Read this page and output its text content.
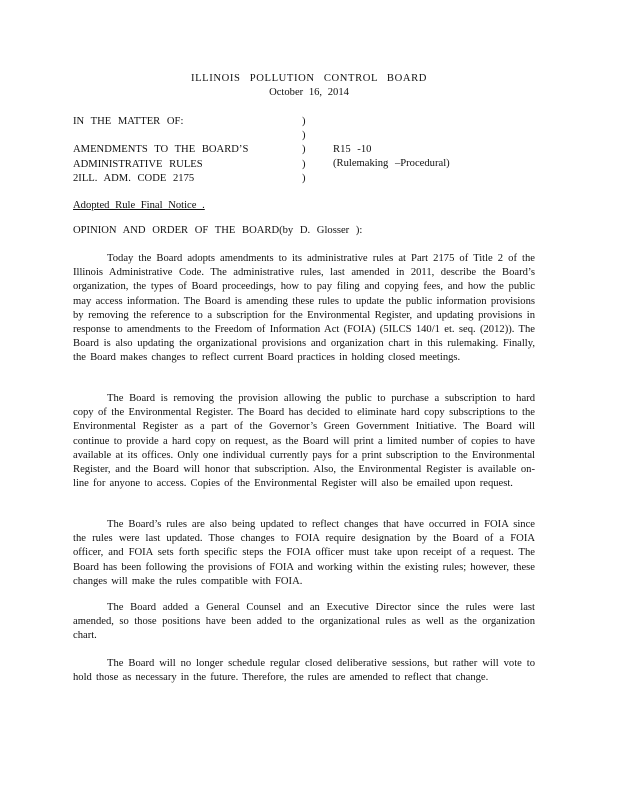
ILLINOIS POLLUTION CONTROL BOARD
October 16, 2014
IN THE MATTER OF:
AMENDMENTS TO THE BOARD’S
ADMINISTRATIVE RULES
2ILL. ADM. CODE 2175
)
)
)
)
)
R15 -10
(Rulemaking –Procedural)
Adopted Rule Final Notice .
OPINION AND ORDER OF THE BOARD(by D. Glosser ):

Today the Board adopts amendments to its administrative rules at Part 2175 of Title 2 of the Illinois Administrative Code. The administrative rules, last amended in 2011, describe the Board’s organization, the types of Board proceedings, how to pay filing and copying fees, and how the public may access information. The Board is amending these rules to update the public information provisions by removing the reference to a subscription for the Environmental Register, and updating provisions in response to amendments to the Freedom of Information Act (FOIA) (5ILCS 140/1 et. seq. (2012)). The Board is also updating the organizational provisions and organization chart in this rulemaking. Finally, the Board makes changes to reflect current Board practices in holding closed meetings.

The Board is removing the provision allowing the public to purchase a subscription to hard copy of the Environmental Register. The Board has decided to eliminate hard copy subscriptions to the Environmental Register as a part of the Governor’s Green Government Initiative. The Board will continue to provide a hard copy on request, as the Board will print a limited number of copies to have available at its offices. Only one individual currently pays for a print subscription to the Environmental Register, and the Board will honor that subscription. Also, the Environmental Register is available on-line for anyone to access. Copies of the Environmental Register will also be emailed upon request.

The Board’s rules are also being updated to reflect changes that have occurred in FOIA since the rules were last updated. Those changes to FOIA require designation by the Board of a FOIA officer, and FOIA sets forth specific steps the FOIA officer must take upon receipt of a request. The Board has been following the provisions of FOIA and working within the existing rules; however, these changes will make the rules compatible with FOIA.

The Board added a General Counsel and an Executive Director since the rules were last amended, so those positions have been added to the organizational rules as well as the organization chart.

The Board will no longer schedule regular closed deliberative sessions, but rather will vote to hold those as necessary in the future. Therefore, the rules are amended to reflect that change.
